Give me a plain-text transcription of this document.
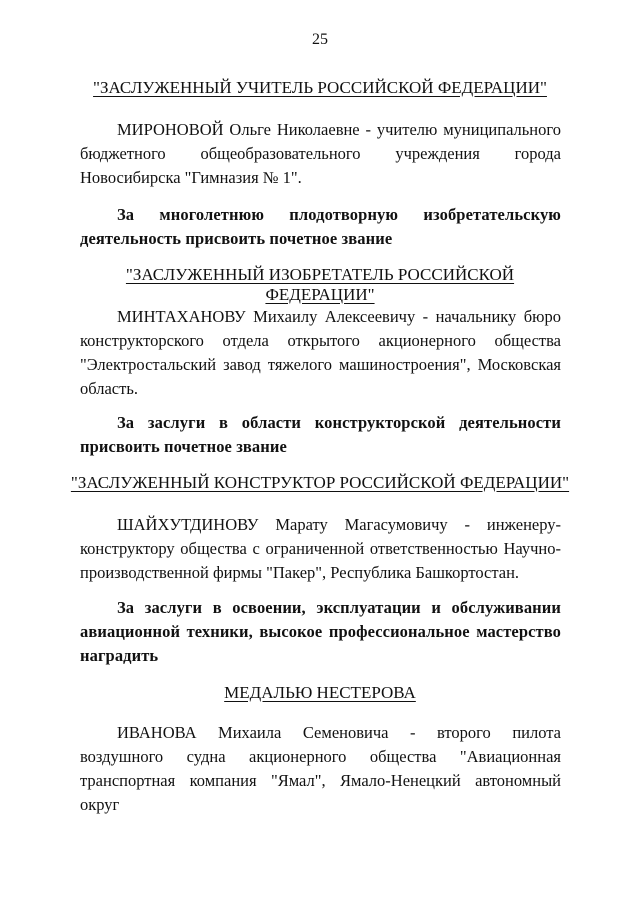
25
"ЗАСЛУЖЕННЫЙ УЧИТЕЛЬ РОССИЙСКОЙ ФЕДЕРАЦИИ"
МИРОНОВОЙ Ольге Николаевне - учителю муниципального бюджетного общеобразовательного учреждения города Новосибирска "Гимназия № 1".
За многолетнюю плодотворную изобретательскую деятельность присвоить почетное звание
"ЗАСЛУЖЕННЫЙ ИЗОБРЕТАТЕЛЬ РОССИЙСКОЙ ФЕДЕРАЦИИ"
МИНТАХАНОВУ Михаилу Алексеевичу - начальнику бюро конструкторского отдела открытого акционерного общества "Электростальский завод тяжелого машиностроения", Московская область.
За заслуги в области конструкторской деятельности присвоить почетное звание
"ЗАСЛУЖЕННЫЙ КОНСТРУКТОР РОССИЙСКОЙ ФЕДЕРАЦИИ"
ШАЙХУТДИНОВУ Марату Магасумовичу - инженеру-конструктору общества с ограниченной ответственностью Научно-производственной фирмы "Пакер", Республика Башкортостан.
За заслуги в освоении, эксплуатации и обслуживании авиационной техники, высокое профессиональное мастерство наградить
МЕДАЛЬЮ НЕСТЕРОВА
ИВАНОВА Михаила Семеновича - второго пилота воздушного судна акционерного общества "Авиационная транспортная компания "Ямал", Ямало-Ненецкий автономный округ
